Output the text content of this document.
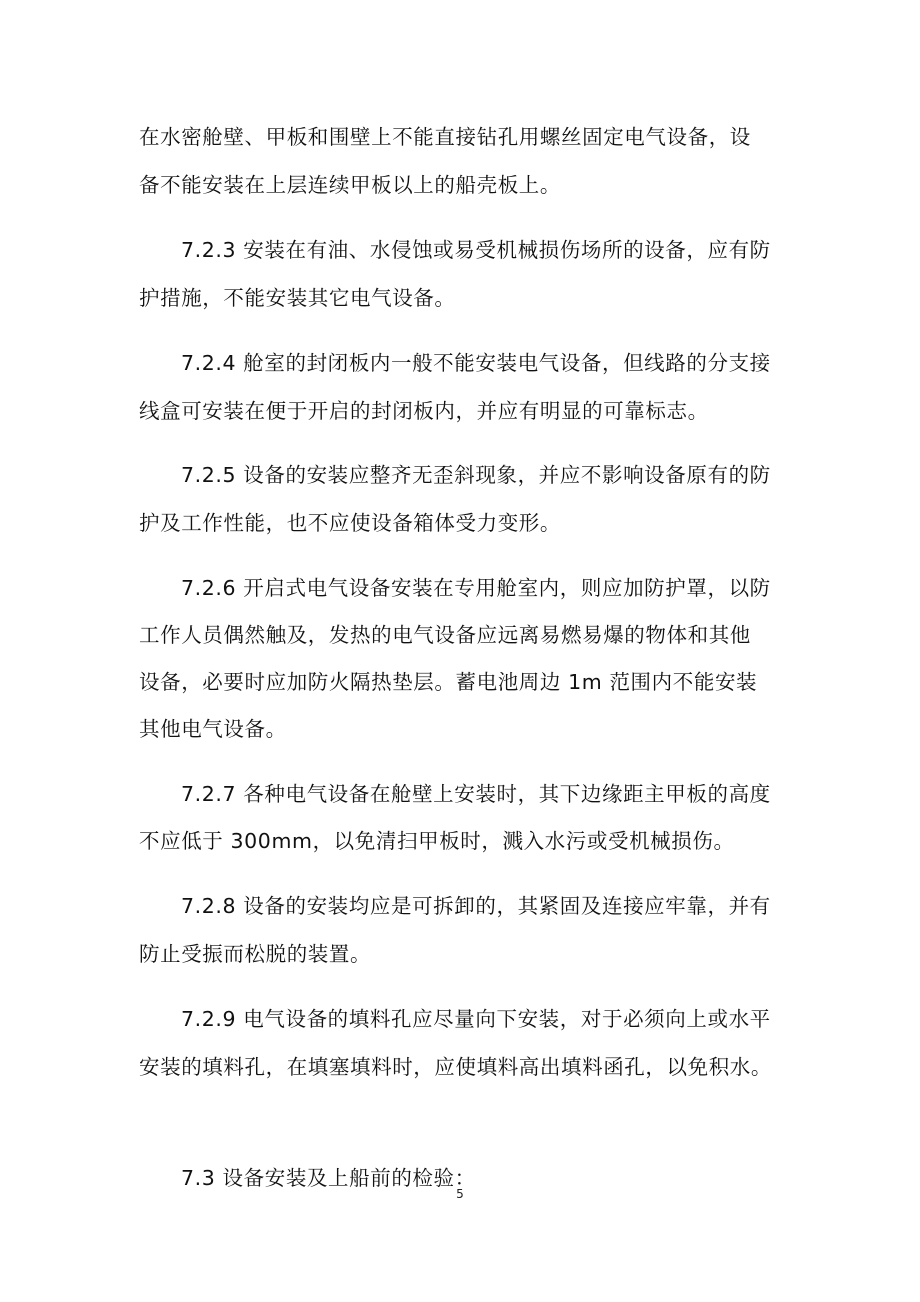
在水密舱壁、甲板和围壁上不能直接钻孔用螺丝固定电气设备，设
备不能安装在上层连续甲板以上的船壳板上。
7.2.3 安装在有油、水侵蚀或易受机械损伤场所的设备，应有防
护措施，不能安装其它电气设备。
7.2.4 舱室的封闭板内一般不能安装电气设备，但线路的分支接
线盒可安装在便于开启的封闭板内，并应有明显的可靠标志。
7.2.5 设备的安装应整齐无歪斜现象，并应不影响设备原有的防
护及工作性能，也不应使设备箱体受力变形。
7.2.6 开启式电气设备安装在专用舱室内，则应加防护罩，以防
工作人员偶然触及，发热的电气设备应远离易燃易爆的物体和其他
设备，必要时应加防火隔热垫层。蓄电池周边 1m 范围内不能安装
其他电气设备。
7.2.7 各种电气设备在舱壁上安装时，其下边缘距主甲板的高度
不应低于 300mm，以免清扫甲板时，溅入水污或受机械损伤。
7.2.8 设备的安装均应是可拆卸的，其紧固及连接应牢靠，并有
防止受振而松脱的装置。
7.2.9 电气设备的填料孔应尽量向下安装，对于必须向上或水平
安装的填料孔，在填塞填料时，应使填料高出填料函孔，以免积水。
7.3 设备安装及上船前的检验：
5
